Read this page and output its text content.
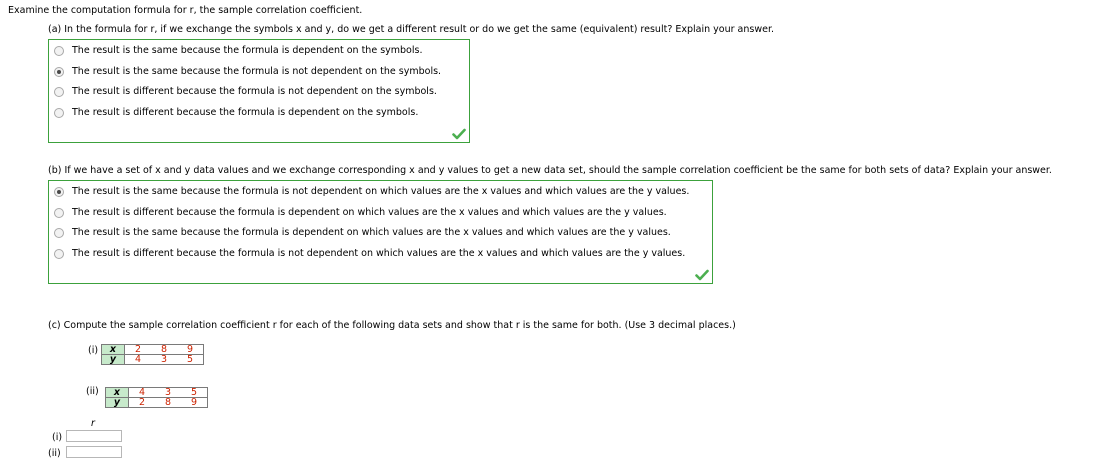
Examine the computation formula for r, the sample correlation coefficient.
(a) In the formula for r, if we exchange the symbols x and y, do we get a different result or do we get the same (equivalent) result? Explain your answer.
The result is the same because the formula is dependent on the symbols.
The result is the same because the formula is not dependent on the symbols.
The result is different because the formula is not dependent on the symbols.
The result is different because the formula is dependent on the symbols.
(b) If we have a set of x and y data values and we exchange corresponding x and y values to get a new data set, should the sample correlation coefficient be the same for both sets of data? Explain your answer.
The result is the same because the formula is not dependent on which values are the x values and which values are the y values.
The result is different because the formula is dependent on which values are the x values and which values are the y values.
The result is the same because the formula is dependent on which values are the x values and which values are the y values.
The result is different because the formula is not dependent on which values are the x values and which values are the y values.
(c) Compute the sample correlation coefficient r for each of the following data sets and show that r is the same for both. (Use 3 decimal places.)
(i) x	2	8	9
y	4	3	5
(ii) x	4	3	5
y	2	8	9
r
(i)
(ii)
